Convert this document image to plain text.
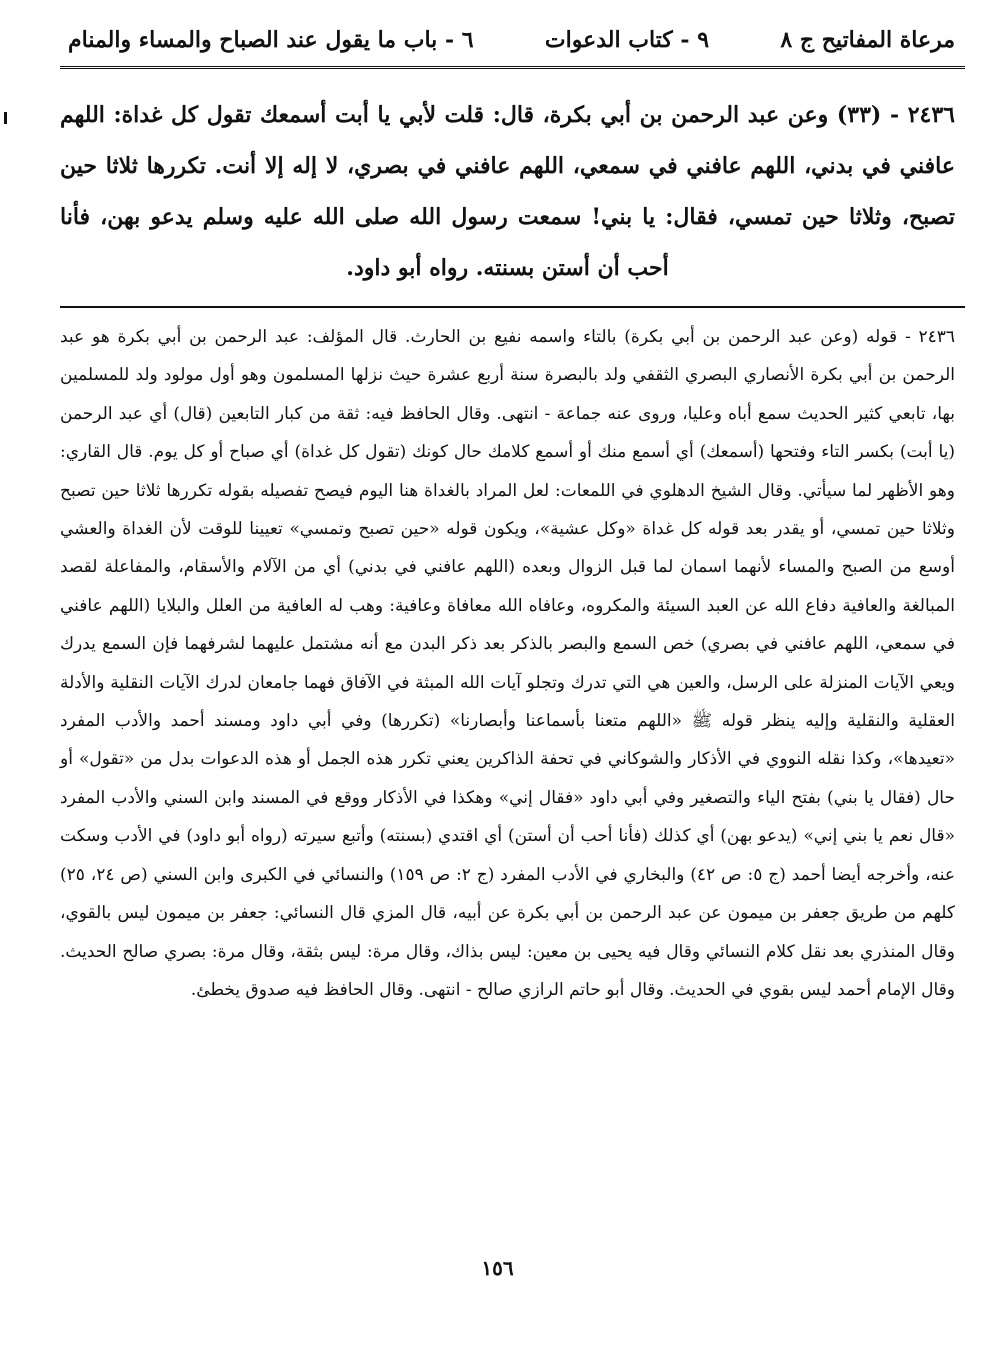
مرعاة المفاتيح ج ٨
٩ - كتاب الدعوات
٦ - باب ما يقول عند الصباح والمساء والمنام
٢٤٣٦ - (٣٣) وعن عبد الرحمن بن أبي بكرة، قال: قلت لأبي يا أبت أسمعك تقول كل غداة: اللهم عافني في بدني، اللهم عافني في سمعي، اللهم عافني في بصري، لا إله إلا أنت. تكررها ثلاثا حين تصبح، وثلاثا حين تمسي، فقال: يا بني! سمعت رسول الله صلى الله عليه وسلم يدعو بهن، فأنا أحب أن أستن بسنته. رواه أبو داود.

٢٤٣٦ - قوله (وعن عبد الرحمن بن أبي بكرة) بالتاء واسمه نفيع بن الحارث. قال المؤلف: عبد الرحمن بن أبي بكرة هو عبد الرحمن بن أبي بكرة الأنصاري البصري الثقفي ولد بالبصرة سنة أربع عشرة حيث نزلها المسلمون وهو أول مولود ولد للمسلمين بها، تابعي كثير الحديث سمع أباه وعليا، وروى عنه جماعة - انتهى. وقال الحافظ فيه: ثقة من كبار التابعين (قال) أي عبد الرحمن (يا أبت) بكسر التاء وفتحها (أسمعك) أي أسمع منك أو أسمع كلامك حال كونك (تقول كل غداة) أي صباح أو كل يوم. قال القاري: وهو الأظهر لما سيأتي. وقال الشيخ الدهلوي في اللمعات: لعل المراد بالغداة هنا اليوم فيصح تفصيله بقوله تكررها ثلاثا حين تصبح وثلاثا حين تمسي، أو يقدر بعد قوله كل غداة «وكل عشية»، ويكون قوله «حين تصبح وتمسي» تعيينا للوقت لأن الغداة والعشي أوسع من الصبح والمساء لأنهما اسمان لما قبل الزوال وبعده (اللهم عافني في بدني) أي من الآلام والأسقام، والمفاعلة لقصد المبالغة والعافية دفاع الله عن العبد السيئة والمكروه، وعافاه الله معافاة وعافية: وهب له العافية من العلل والبلايا (اللهم عافني في سمعي، اللهم عافني في بصري) خص السمع والبصر بالذكر بعد ذكر البدن مع أنه مشتمل عليهما لشرفهما فإن السمع يدرك ويعي الآيات المنزلة على الرسل، والعين هي التي تدرك وتجلو آيات الله المبثة في الآفاق فهما جامعان لدرك الآيات النقلية والأدلة العقلية والنقلية وإليه ينظر قوله ﷺ «اللهم متعنا بأسماعنا وأبصارنا» (تكررها) وفي أبي داود ومسند أحمد والأدب المفرد «تعيدها»، وكذا نقله النووي في الأذكار والشوكاني في تحفة الذاكرين يعني تكرر هذه الجمل أو هذه الدعوات بدل من «تقول» أو حال (فقال يا بني) بفتح الياء والتصغير وفي أبي داود «فقال إني» وهكذا في الأذكار ووقع في المسند وابن السني والأدب المفرد «قال نعم يا بني إني» (يدعو بهن) أي كذلك (فأنا أحب أن أستن) أي اقتدي (بسنته) وأتبع سيرته (رواه أبو داود) في الأدب وسكت عنه، وأخرجه أيضا أحمد (ج ٥: ص ٤٢) والبخاري في الأدب المفرد (ج ٢: ص ١٥٩) والنسائي في الكبرى وابن السني (ص ٢٤، ٢٥) كلهم من طريق جعفر بن ميمون عن عبد الرحمن بن أبي بكرة عن أبيه، قال المزي قال النسائي: جعفر بن ميمون ليس بالقوي، وقال المنذري بعد نقل كلام النسائي وقال فيه يحيى بن معين: ليس بذاك، وقال مرة: ليس بثقة، وقال مرة: بصري صالح الحديث. وقال الإمام أحمد ليس بقوي في الحديث. وقال أبو حاتم الرازي صالح - انتهى. وقال الحافظ فيه صدوق يخطئ.

١٥٦
